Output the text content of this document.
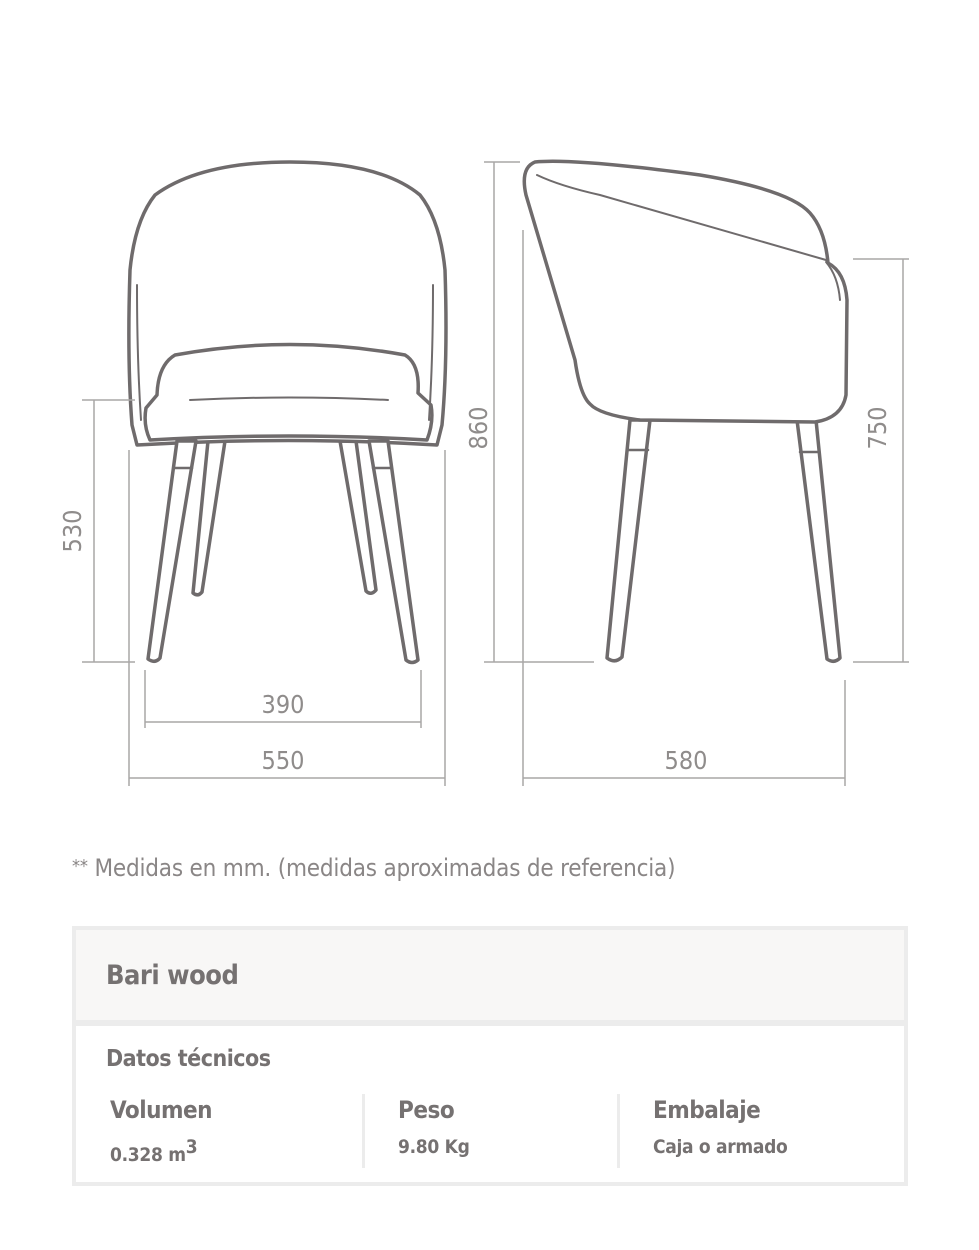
530
390
550
860
580
750
** Medidas en mm. (medidas aproximadas de referencia)
Bari wood
Datos técnicos
Volumen
0.328 $m^3$
Peso
9.80 Kg
Embalaje
Caja o armado
